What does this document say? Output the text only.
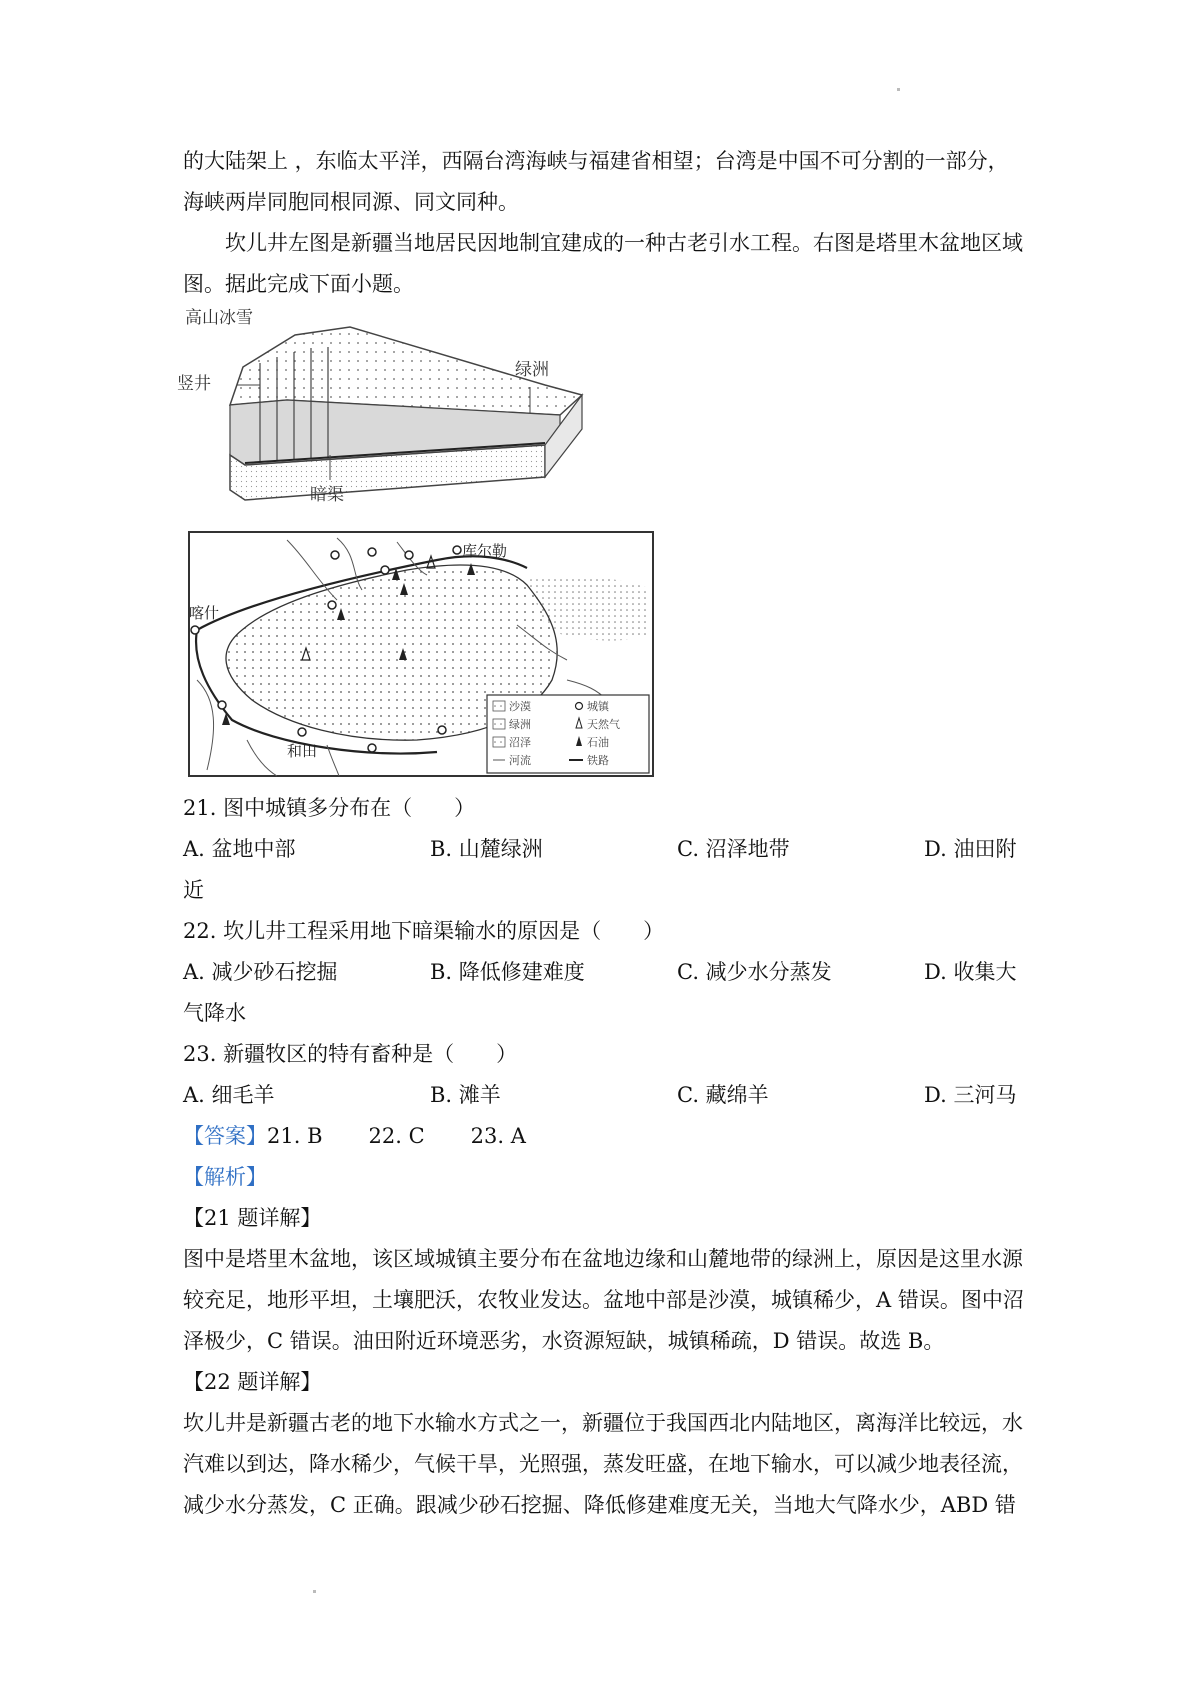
的大陆架上 ，东临太平洋，西隔台湾海峡与福建省相望；台湾是中国不可分割的一部分，
海峡两岸同胞同根同源、同文同种。
坎儿井左图是新疆当地居民因地制宜建成的一种古老引水工程。右图是塔里木盆地区域
图。据此完成下面小题。
高山冰雪
竖井
绿洲
暗渠
沙漠	城镇
绿洲	天然气
沼泽	石油
河流	铁路
库尔勒
喀什
和田
21. 图中城镇多分布在（　　）
A. 盆地中部	B. 山麓绿洲	C. 沼泽地带	D. 油田附
近
22. 坎儿井工程采用地下暗渠输水的原因是（　　）
A. 减少砂石挖掘	B. 降低修建难度	C. 减少水分蒸发	D. 收集大
气降水
23. 新疆牧区的特有畜种是（　　）
A. 细毛羊	B. 滩羊	C. 藏绵羊	D. 三河马
【答案】21. B 22. C 23. A
【解析】
【21 题详解】
图中是塔里木盆地，该区域城镇主要分布在盆地边缘和山麓地带的绿洲上，原因是这里水源
较充足，地形平坦，土壤肥沃，农牧业发达。盆地中部是沙漠，城镇稀少，A 错误。图中沼
泽极少，C 错误。油田附近环境恶劣，水资源短缺，城镇稀疏，D 错误。故选 B。
【22 题详解】
坎儿井是新疆古老的地下水输水方式之一，新疆位于我国西北内陆地区，离海洋比较远，水
汽难以到达，降水稀少，气候干旱，光照强，蒸发旺盛，在地下输水，可以减少地表径流，
减少水分蒸发，C 正确。跟减少砂石挖掘、降低修建难度无关，当地大气降水少，ABD 错
